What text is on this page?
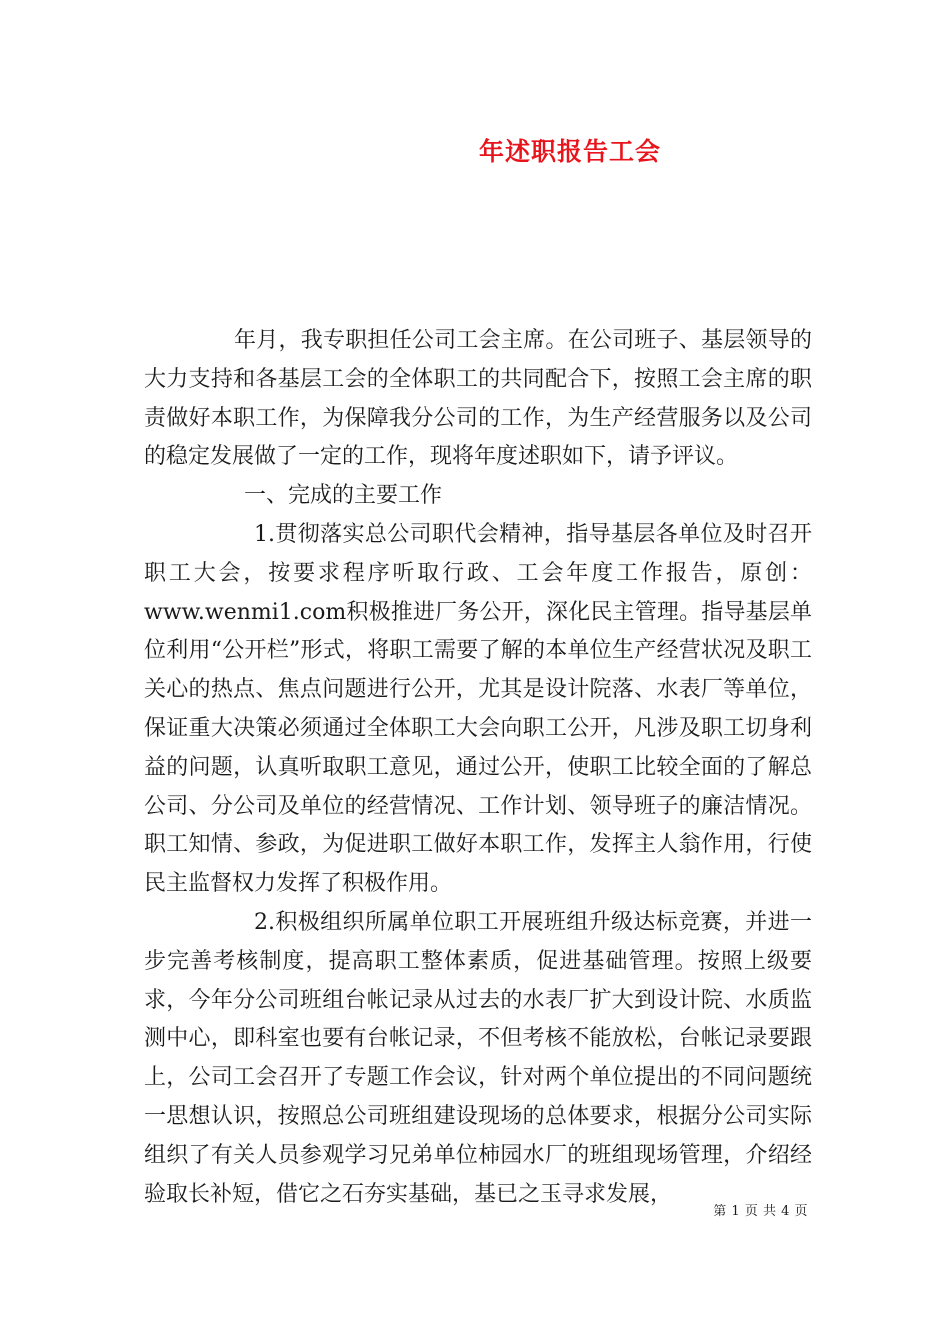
年述职报告工会

年月，我专职担任公司工会主席。在公司班子、基层领导的大力支持和各基层工会的全体职工的共同配合下，按照工会主席的职责做好本职工作，为保障我分公司的工作，为生产经营服务以及公司的稳定发展做了一定的工作，现将年度述职如下，请予评议。

一、完成的主要工作

1.贯彻落实总公司职代会精神，指导基层各单位及时召开职工大会，按要求程序听取行政、工会年度工作报告，原创：www.wenmi1.com积极推进厂务公开，深化民主管理。指导基层单位利用“公开栏”形式，将职工需要了解的本单位生产经营状况及职工关心的热点、焦点问题进行公开，尤其是设计院落、水表厂等单位，保证重大决策必须通过全体职工大会向职工公开，凡涉及职工切身利益的问题，认真听取职工意见，通过公开，使职工比较全面的了解总公司、分公司及单位的经营情况、工作计划、领导班子的廉洁情况。职工知情、参政，为促进职工做好本职工作，发挥主人翁作用，行使民主监督权力发挥了积极作用。

2.积极组织所属单位职工开展班组升级达标竞赛，并进一步完善考核制度，提高职工整体素质，促进基础管理。按照上级要求，今年分公司班组台帐记录从过去的水表厂扩大到设计院、水质监测中心，即科室也要有台帐记录，不但考核不能放松，台帐记录要跟上，公司工会召开了专题工作会议，针对两个单位提出的不同问题统一思想认识，按照总公司班组建设现场的总体要求，根据分公司实际组织了有关人员参观学习兄弟单位柿园水厂的班组现场管理，介绍经验取长补短，借它之石夯实基础，基已之玉寻求发展，

第 1 页 共 4 页
